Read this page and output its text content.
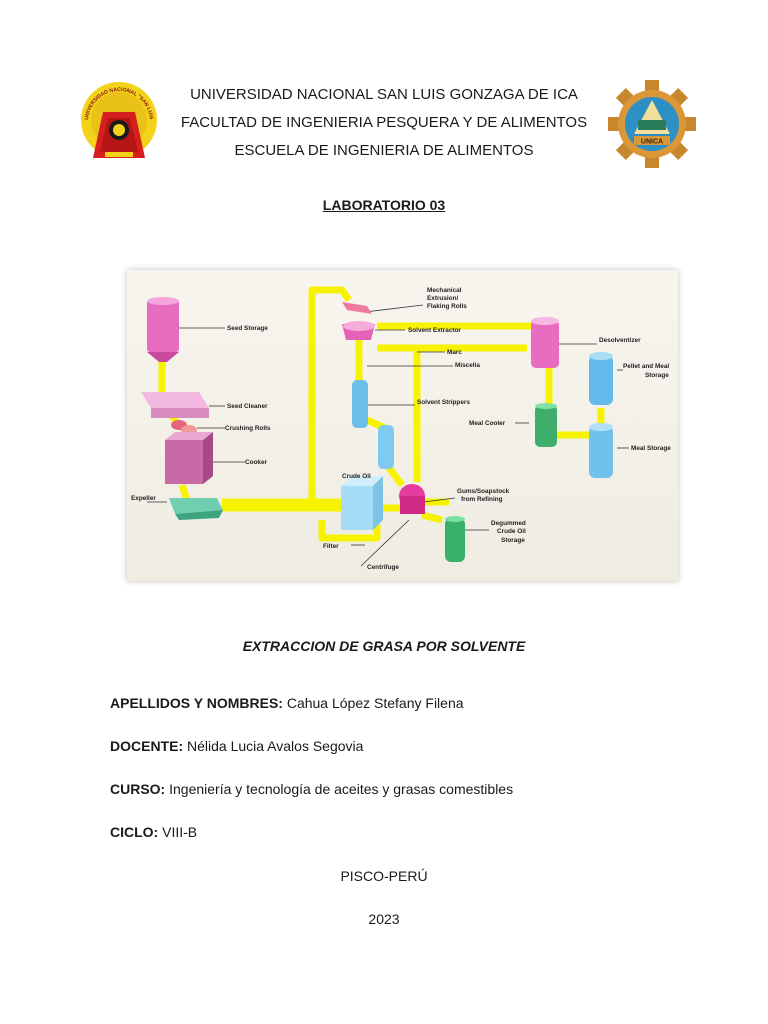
UNIVERSIDAD NACIONAL "SAN LUIS
UNICA
UNIVERSIDAD NACIONAL SAN LUIS GONZAGA DE ICA
FACULTAD DE INGENIERIA PESQUERA Y DE ALIMENTOS
ESCUELA DE INGENIERIA DE ALIMENTOS
LABORATORIO 03
Seed Storage
Mechanical
Extrusion/
Flaking Rolls
Solvent Extractor
Marc
Miscella
Desolventizer
Pellet and Meal
Storage
Seed Cleaner
Crushing Rolls
Solvent Strippers
Meal Cooler
Meal Storage
Cooker
Crude Oil
Gums/Soapstock
from Refining
Expeller
Degummed
Crude Oil
Storage
Filter
Centrifuge
EXTRACCION DE GRASA POR SOLVENTE
APELLIDOS Y NOMBRES: Cahua López Stefany Filena
DOCENTE: Nélida Lucia Avalos Segovia
CURSO: Ingeniería y tecnología de aceites y grasas comestibles
CICLO: VIII-B
PISCO-PERÚ
2023
